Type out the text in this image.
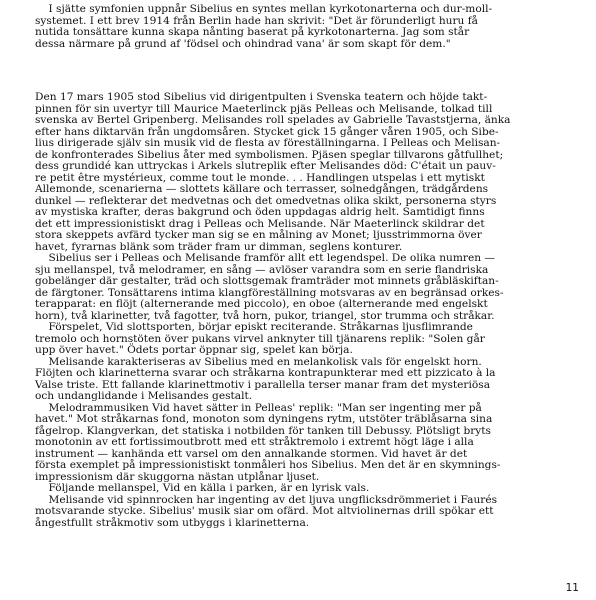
I sjätte symfonien uppnår Sibelius en syntes mellan kyrkotonarterna och dur-moll-
systemet. I ett brev 1914 från Berlin hade han skrivit: "Det är förunderligt huru få
nutida tonsättare kunna skapa nånting baserat på kyrkotonarterna. Jag som står
dessa närmare på grund af 'födsel och ohindrad vana' är som skapt för dem."
Den 17 mars 1905 stod Sibelius vid dirigentpulten i Svenska teatern och höjde takt-
pinnen för sin uvertyr till Maurice Maeterlinck pjäs Pelleas och Melisande, tolkad till
svenska av Bertel Gripenberg. Melisandes roll spelades av Gabrielle Tavaststjerna, änka
efter hans diktarvän från ungdomsåren. Stycket gick 15 gånger våren 1905, och Sibe-
lius dirigerade själv sin musik vid de flesta av föreställningarna. I Pelleas och Melisan-
de konfronterades Sibelius åter med symbolismen. Pjäsen speglar tillvarons gåtfullhet;
dess grundidé kan uttryckas i Arkels slutreplik efter Melisandes död: C'était un pauv-
re petit être mystérieux, comme tout le monde. . . Handlingen utspelas i ett mytiskt
Allemonde, scenarierna — slottets källare och terrasser, solnedgången, trädgårdens
dunkel — reflekterar det medvetnas och det omedvetnas olika skikt, personerna styrs
av mystiska krafter, deras bakgrund och öden uppdagas aldrig helt. Samtidigt finns
det ett impressionistiskt drag i Pelleas och Melisande. När Maeterlinck skildrar det
stora skeppets avfärd tycker man sig se en målning av Monet; ljusstrimmorna över
havet, fyrarnas blänk som träder fram ur dimman, seglens konturer.
Sibelius ser i Pelleas och Melisande framför allt ett legendspel. De olika numren —
sju mellanspel, två melodramer, en sång — avlöser varandra som en serie flandriska
gobelänger där gestalter, träd och slottsgemak framträder mot minnets gråbläskiftan-
de färgtoner. Tonsättarens intima klangföreställning motsvaras av en begränsad orkes-
terapparat: en flöjt (alternerande med piccolo), en oboe (alternerande med engelskt
horn), två klarinetter, två fagotter, två horn, pukor, triangel, stor trumma och stråkar.
Förspelet, Vid slottsporten, börjar episkt reciterande. Stråkarnas ljusflimrande
tremolo och hornstöten över pukans virvel anknyter till tjänarens replik: "Solen går
upp över havet." Ödets portar öppnar sig, spelet kan börja.
Melisande karakteriseras av Sibelius med en melankolisk vals för engelskt horn.
Flöjten och klarinetterna svarar och stråkarna kontrapunkterar med ett pizzicato à la
Valse triste. Ett fallande klarinettmotiv i parallella terser manar fram det mysteriösa
och undanglidande i Melisandes gestalt.
Melodrammusiken Vid havet sätter in Pelleas' replik: "Man ser ingenting mer på
havet." Mot stråkarnas fond, monoton som dyningens rytm, utstöter träblåsarna sina
fågelrop. Klangverkan, det statiska i notbilden för tanken till Debussy. Plötsligt bryts
monotonin av ett fortissimoutbrott med ett stråktremolo i extremt högt läge i alla
instrument — kanhända ett varsel om den annalkande stormen. Vid havet är det
första exemplet på impressionistiskt tonmåleri hos Sibelius. Men det är en skymnings-
impressionism där skuggorna nästan utplånar ljuset.
Följande mellanspel, Vid en källa i parken, är en lyrisk vals.
Melisande vid spinnrocken har ingenting av det ljuva ungflicksdrömmeriet i Faurés
motsvarande stycke. Sibelius' musik siar om ofärd. Mot altviolinernas drill spökar ett
ångestfullt stråkmotiv som utbyggs i klarinetterna.
11
